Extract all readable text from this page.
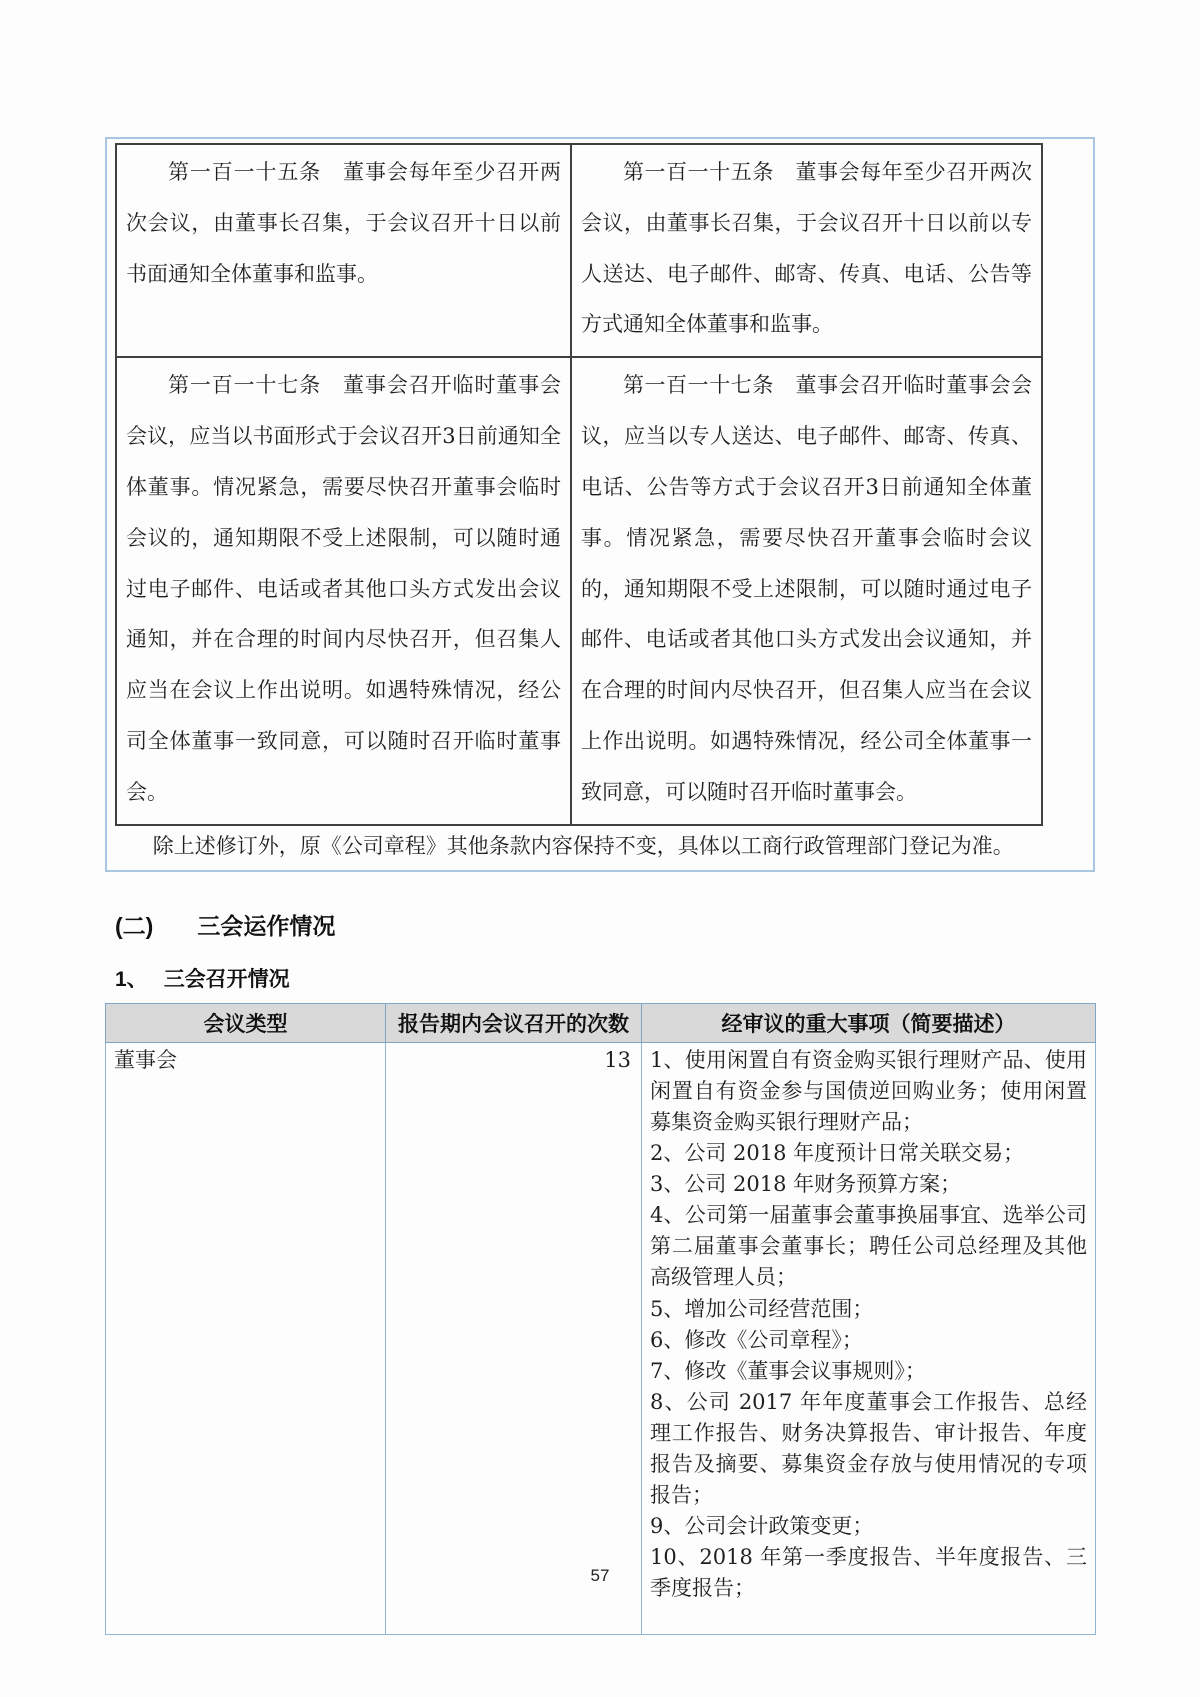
第一百一十五条　董事会每年至少召开两次会议，由董事长召集，于会议召开十日以前书面通知全体董事和监事。	第一百一十五条　董事会每年至少召开两次会议，由董事长召集，于会议召开十日以前以专人送达、电子邮件、邮寄、传真、电话、公告等方式通知全体董事和监事。
第一百一十七条　董事会召开临时董事会会议，应当以书面形式于会议召开3日前通知全体董事。情况紧急，需要尽快召开董事会临时会议的，通知期限不受上述限制，可以随时通过电子邮件、电话或者其他口头方式发出会议通知，并在合理的时间内尽快召开，但召集人应当在会议上作出说明。如遇特殊情况，经公司全体董事一致同意，可以随时召开临时董事会。	第一百一十七条　董事会召开临时董事会会议，应当以专人送达、电子邮件、邮寄、传真、电话、公告等方式于会议召开3日前通知全体董事。情况紧急，需要尽快召开董事会临时会议的，通知期限不受上述限制，可以随时通过电子邮件、电话或者其他口头方式发出会议通知，并在合理的时间内尽快召开，但召集人应当在会议上作出说明。如遇特殊情况，经公司全体董事一致同意，可以随时召开临时董事会。

除上述修订外，原《公司章程》其他条款内容保持不变，具体以工商行政管理部门登记为准。

(二) 三会运作情况
1、 三会召开情况
会议类型	报告期内会议召开的次数	经审议的重大事项（简要描述）
董事会	13	1、使用闲置自有资金购买银行理财产品、使用闲置自有资金参与国债逆回购业务；使用闲置募集资金购买银行理财产品；
2、公司 2018 年度预计日常关联交易；
3、公司 2018 年财务预算方案；
4、公司第一届董事会董事换届事宜、选举公司第二届董事会董事长；聘任公司总经理及其他高级管理人员；
5、增加公司经营范围；
6、修改《公司章程》；
7、修改《董事会议事规则》；
8、公司 2017 年年度董事会工作报告、总经理工作报告、财务决算报告、审计报告、年度报告及摘要、募集资金存放与使用情况的专项报告；
9、公司会计政策变更；
10、2018 年第一季度报告、半年度报告、三季度报告；
57
